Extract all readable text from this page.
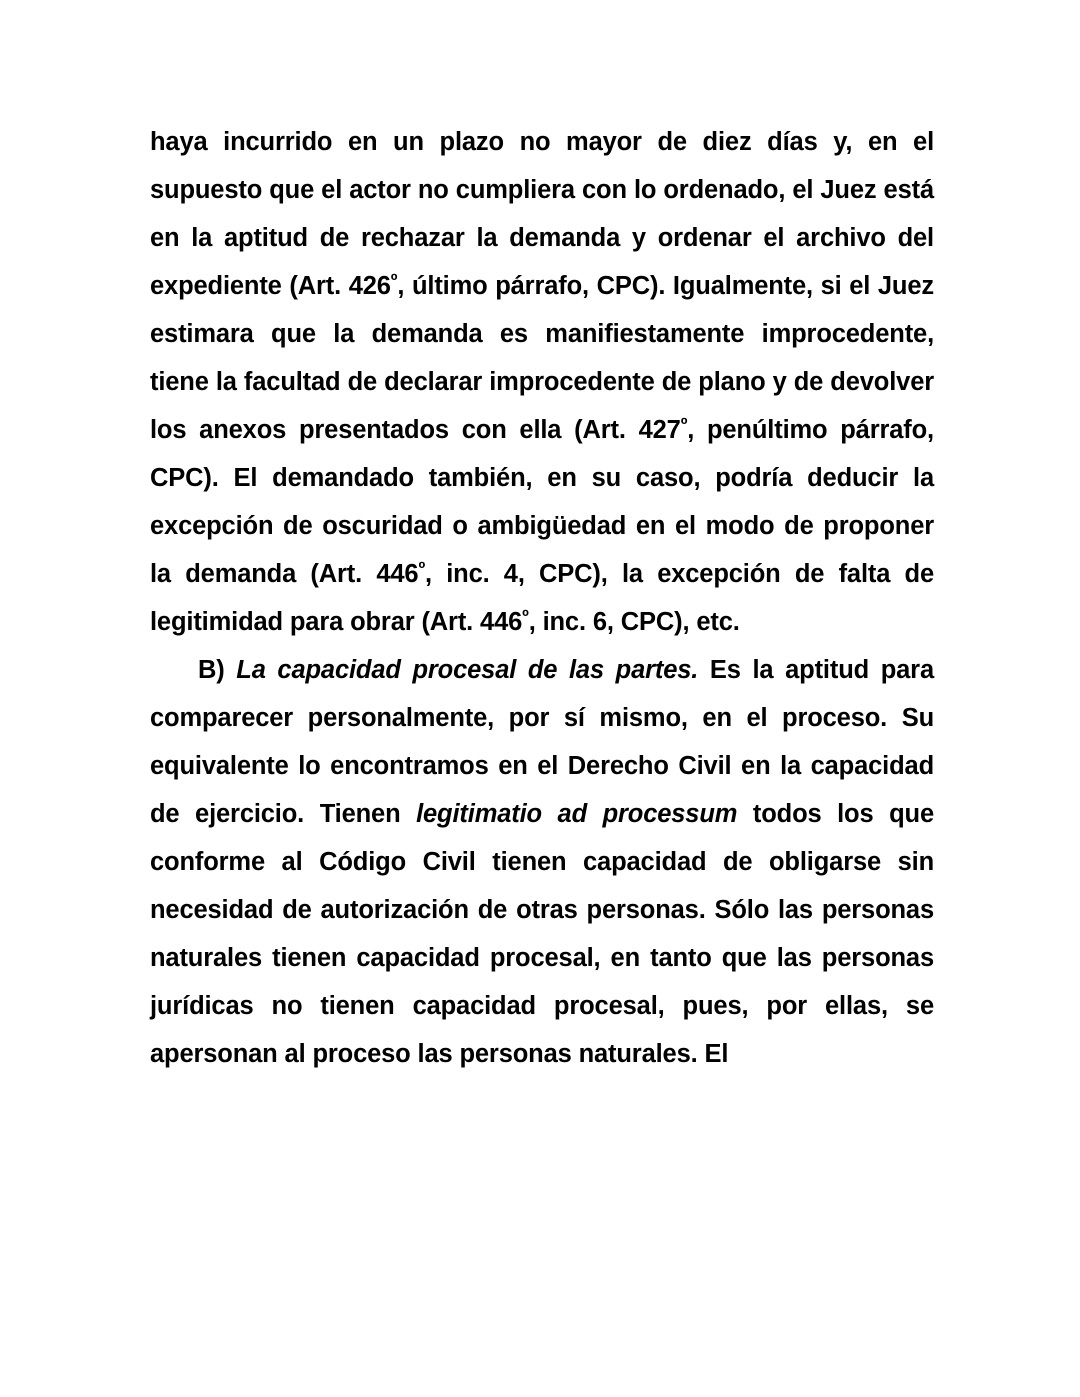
haya incurrido en un plazo no mayor de diez días y, en el supuesto que el actor no cumpliera con lo ordenado, el Juez está en la aptitud de rechazar la demanda y ordenar el archivo del expediente (Art. $426^º$, último párrafo, CPC). Igualmente, si el Juez estimara que la demanda es manifiestamente improcedente, tiene la facultad de declarar improcedente de plano y de devolver los anexos presentados con ella (Art. $427^º$, penúltimo párrafo, CPC). El demandado también, en su caso, podría deducir la excepción de oscuridad o ambigüedad en el modo de proponer la demanda (Art. $446^º$, inc. 4, CPC), la excepción de falta de legitimidad para obrar (Art. $446^º$, inc. 6, CPC), etc.

B) La capacidad procesal de las partes. Es la aptitud para comparecer personalmente, por sí mismo, en el proceso. Su equivalente lo encontramos en el Derecho Civil en la capacidad de ejercicio. Tienen legitimatio ad processum todos los que conforme al Código Civil tienen capacidad de obligarse sin necesidad de autorización de otras personas. Sólo las personas naturales tienen capacidad procesal, en tanto que las personas jurídicas no tienen capacidad procesal, pues, por ellas, se apersonan al proceso las personas naturales. El
